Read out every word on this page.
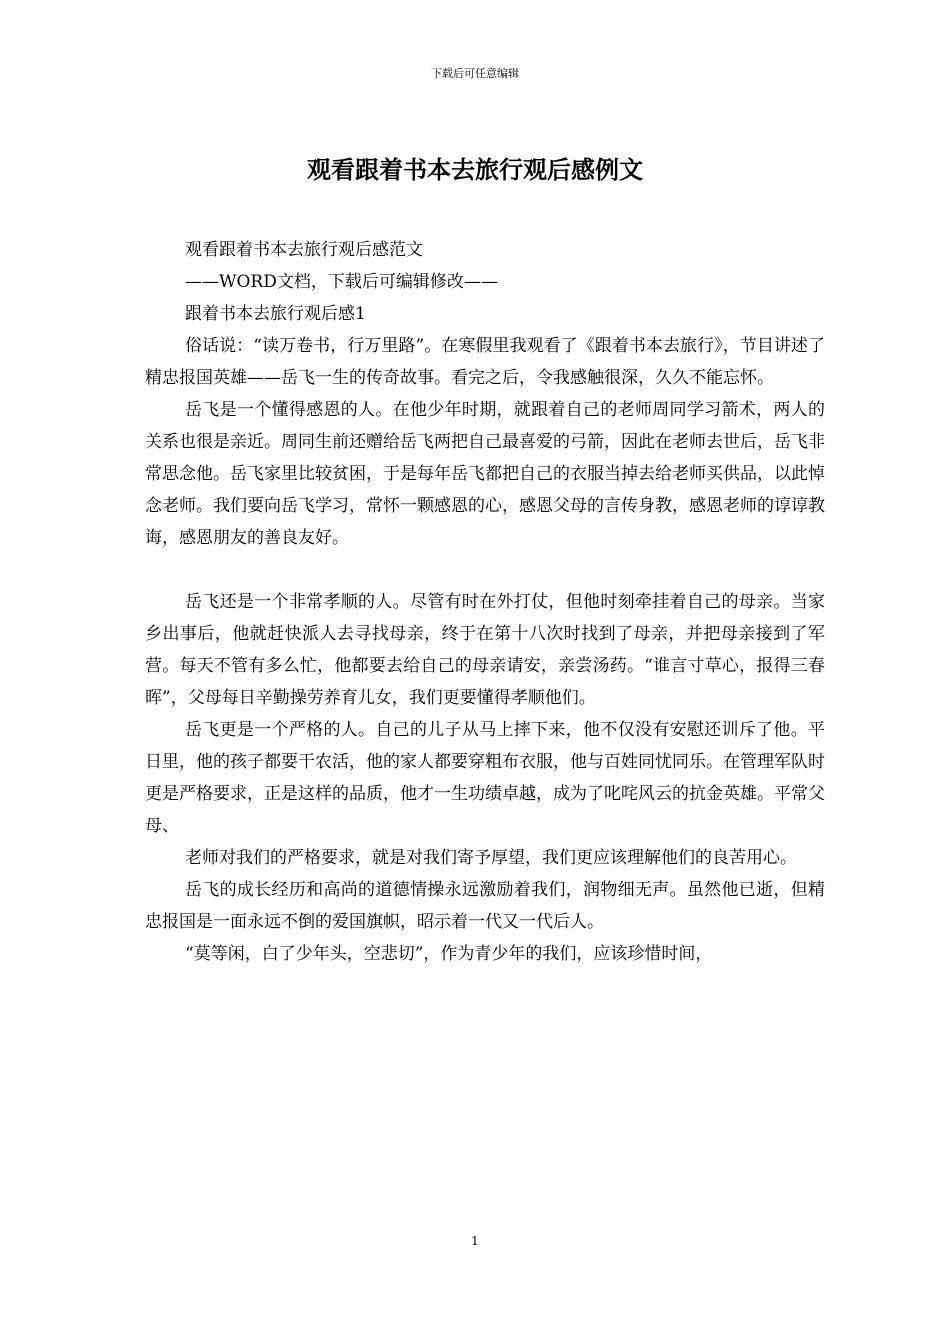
下载后可任意编辑
观看跟着书本去旅行观后感例文

观看跟着书本去旅行观后感范文

——WORD文档，下载后可编辑修改——

跟着书本去旅行观后感1

俗话说：“读万卷书，行万里路”。在寒假里我观看了《跟着书本去旅行》，节目讲述了精忠报国英雄——岳飞一生的传奇故事。看完之后，令我感触很深，久久不能忘怀。

岳飞是一个懂得感恩的人。在他少年时期，就跟着自己的老师周同学习箭术，两人的关系也很是亲近。周同生前还赠给岳飞两把自己最喜爱的弓箭，因此在老师去世后，岳飞非常思念他。岳飞家里比较贫困，于是每年岳飞都把自己的衣服当掉去给老师买供品，以此悼念老师。我们要向岳飞学习，常怀一颗感恩的心，感恩父母的言传身教，感恩老师的谆谆教诲，感恩朋友的善良友好。

岳飞还是一个非常孝顺的人。尽管有时在外打仗，但他时刻牵挂着自己的母亲。当家乡出事后，他就赶快派人去寻找母亲，终于在第十八次时找到了母亲，并把母亲接到了军营。每天不管有多么忙，他都要去给自己的母亲请安，亲尝汤药。“谁言寸草心，报得三春晖”，父母每日辛勤操劳养育儿女，我们更要懂得孝顺他们。

岳飞更是一个严格的人。自己的儿子从马上摔下来，他不仅没有安慰还训斥了他。平日里，他的孩子都要干农活，他的家人都要穿粗布衣服，他与百姓同忧同乐。在管理军队时更是严格要求，正是这样的品质，他才一生功绩卓越，成为了叱咤风云的抗金英雄。平常父母、

老师对我们的严格要求，就是对我们寄予厚望，我们更应该理解他们的良苦用心。

岳飞的成长经历和高尚的道德情操永远激励着我们，润物细无声。虽然他已逝，但精忠报国是一面永远不倒的爱国旗帜，昭示着一代又一代后人。

“莫等闲，白了少年头，空悲切”，作为青少年的我们，应该珍惜时间，

1
